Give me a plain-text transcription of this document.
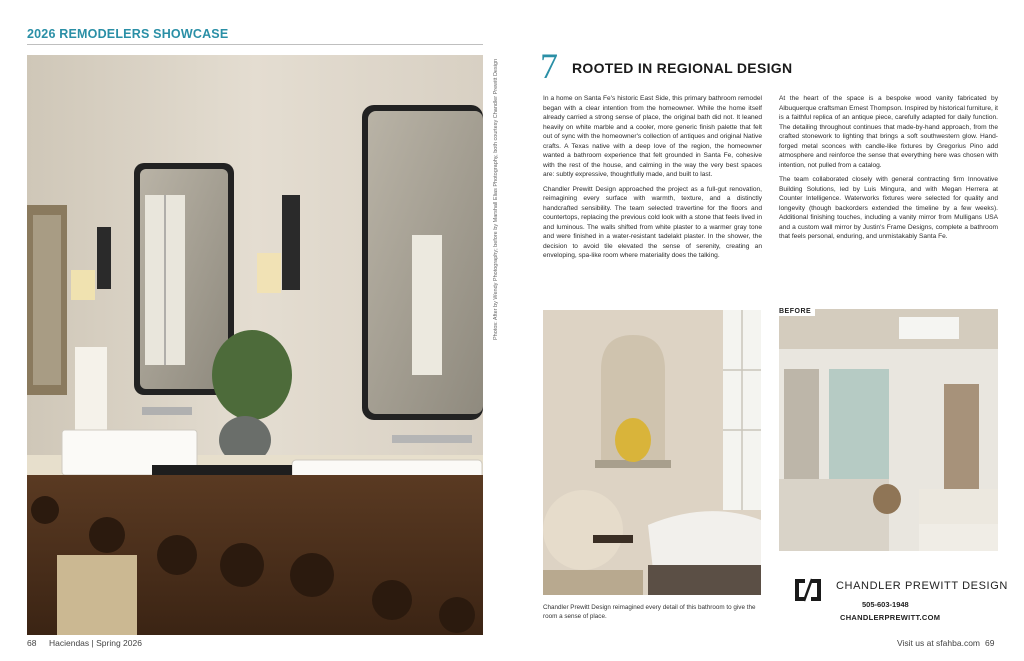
2026 REMODELERS SHOWCASE
Photos: After by Wendy Photography; before by Marshall Elias Photography, both courtesy Chandler Prewitt Design 7 ROOTED IN REGIONAL DESIGN

In a home on Santa Fe's historic East Side, this primary bathroom remodel began with a clear intention from the homeowner. While the home itself already carried a strong sense of place, the original bath did not. It leaned heavily on white marble and a cooler, more generic finish palette that felt out of sync with the homeowner's collection of antiques and original Native crafts. A Texas native with a deep love of the region, the homeowner wanted a bathroom experience that felt grounded in Santa Fe, cohesive with the rest of the house, and calming in the way the very best spaces are: subtly expressive, thoughtfully made, and built to last.

Chandler Prewitt Design approached the project as a full-gut renovation, reimagining every surface with warmth, texture, and a distinctly handcrafted sensibility. The team selected travertine for the floors and countertops, replacing the previous cold look with a stone that feels lived in and luminous. The walls shifted from white plaster to a warmer gray tone and were finished in a water-resistant tadelakt plaster. In the shower, the decision to avoid tile elevated the sense of serenity, creating an enveloping, spa-like room where materiality does the talking.

At the heart of the space is a bespoke wood vanity fabricated by Albuquerque craftsman Ernest Thompson. Inspired by historical furniture, it is a faithful replica of an antique piece, carefully adapted for daily function. The detailing throughout continues that made-by-hand approach, from the crafted stonework to lighting that brings a soft southwestern glow. Hand-forged metal sconces with candle-like fixtures by Gregorius Pino add atmosphere and reinforce the sense that everything here was chosen with intention, not pulled from a catalog.

The team collaborated closely with general contracting firm Innovative Building Solutions, led by Luis Mingura, and with Megan Herrera at Counter Intelligence. Waterworks fixtures were selected for quality and longevity (though backorders extended the timeline by a few weeks). Additional finishing touches, including a vanity mirror from Mulligans USA and a custom wall mirror by Justin's Frame Designs, complete a bathroom that feels personal, enduring, and unmistakably Santa Fe.

BEFORE
Chandler Prewitt Design reimagined every detail of this bathroom to give the room a sense of place.
CHANDLER PREWITT DESIGN
505-603-1948
CHANDLERPREWITT.COM
68 Haciendas | Spring 2026	Visit us at sfahba.com 69
